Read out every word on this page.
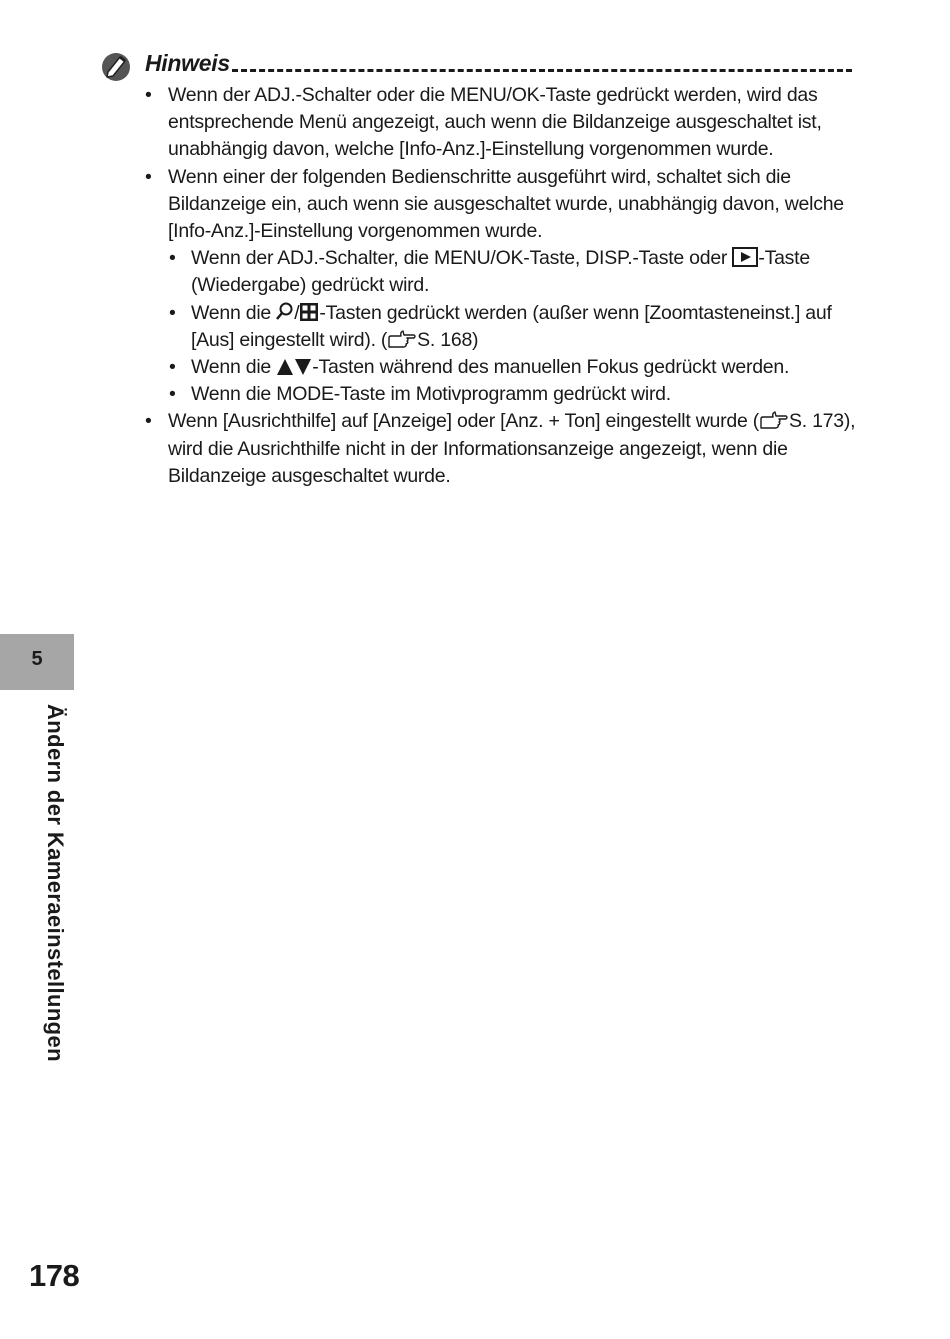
Hinweis
• Wenn der ADJ.-Schalter oder die MENU/OK-Taste gedrückt werden, wird das entsprechende Menü angezeigt, auch wenn die Bildanzeige ausgeschaltet ist, unabhängig davon, welche [Info-Anz.]-Einstellung vorgenommen wurde.
• Wenn einer der folgenden Bedienschritte ausgeführt wird, schaltet sich die Bildanzeige ein, auch wenn sie ausgeschaltet wurde, unabhängig davon, welche [Info-Anz.]-Einstellung vorgenommen wurde.
• Wenn der ADJ.-Schalter, die MENU/OK-Taste, DISP.-Taste oder -Taste (Wiedergabe) gedrückt wird.
• Wenn die / -Tasten gedrückt werden (außer wenn [Zoomtasteneinst.] auf [Aus] eingestellt wird). ( S. 168)
• Wenn die -Tasten während des manuellen Fokus gedrückt werden.
• Wenn die MODE-Taste im Motivprogramm gedrückt wird.
• Wenn [Ausrichthilfe] auf [Anzeige] oder [Anz. + Ton] eingestellt wurde ( S. 173), wird die Ausrichthilfe nicht in der Informationsanzeige angezeigt, wenn die Bildanzeige ausgeschaltet wurde.
5
Ändern der Kameraeinstellungen
178
